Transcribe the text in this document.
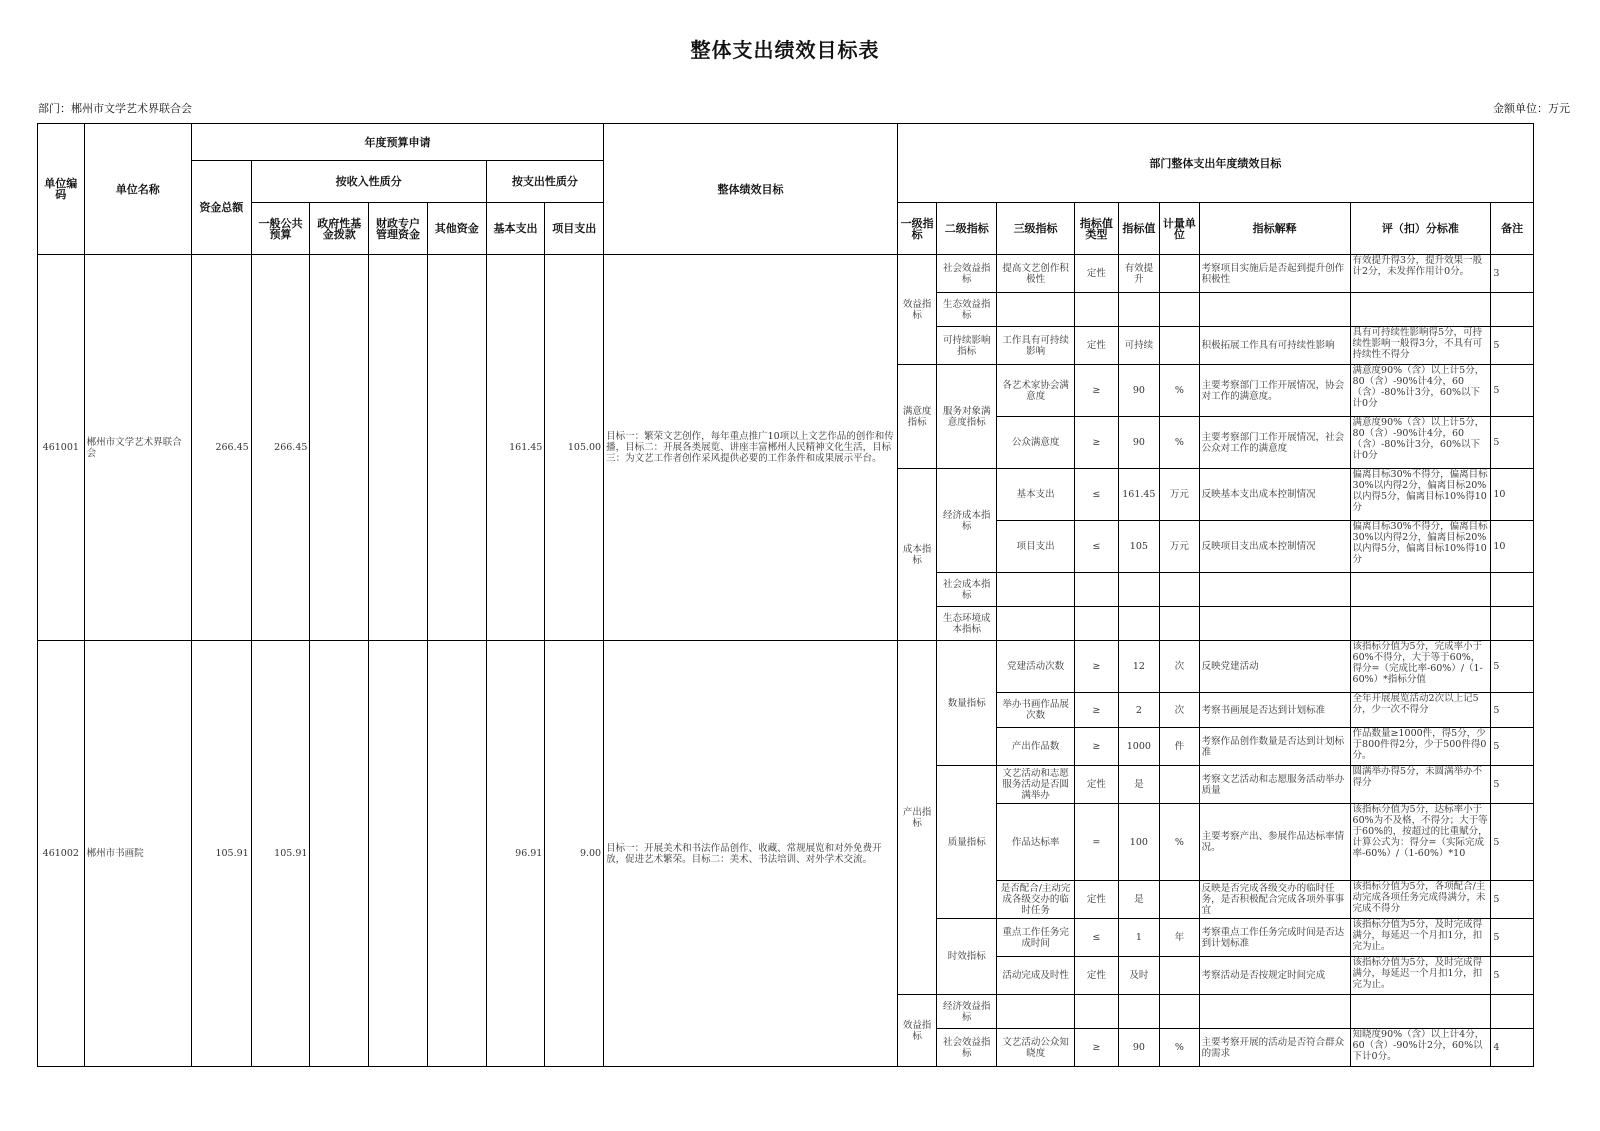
整体支出绩效目标表
部门：郴州市文学艺术界联合会	金额单位：万元
单位编码	单位名称	年度预算申请							整体绩效目标	部门整体支出年度绩效目标								
		资金总额	按收入性质分				按支出性质分											
			一般公共预算	政府性基金拨款	财政专户管理资金	其他资金	基本支出	项目支出		一级指标	二级指标	三级指标	指标值类型	指标值	计量单位	指标解释	评（扣）分标准	备注
461001	郴州市文学艺术界联合会	266.45	266.45				161.45	105.00	目标一：繁荣文艺创作，每年重点推广10项以上文艺作品的创作和传播，目标二：开展各类展览、讲座丰富郴州人民精神文化生活，目标三：为文艺工作者创作采风提供必要的工作条件和成果展示平台。	效益指标	社会效益指标	提高文艺创作积极性	定性	有效提升		考察项目实施后是否起到提升创作积极性	有效提升得3分，提升效果一般计2分，未发挥作用计0分。	3
											生态效益指标							
											可持续影响指标	工作具有可持续影响	定性	可持续		积极拓展工作具有可持续性影响	具有可持续性影响得5分，可持续性影响一般得3分，不具有可持续性不得分	5
										满意度指标	服务对象满意度指标	各艺术家协会满意度	≥	90	%	主要考察部门工作开展情况，协会对工作的满意度。	满意度90%（含）以上计5分，80（含）-90%计4分，60（含）-80%计3分，60%以下计0分	5
												公众满意度	≥	90	%	主要考察部门工作开展情况，社会公众对工作的满意度	满意度90%（含）以上计5分，80（含）-90%计4分，60（含）-80%计3分，60%以下计0分	5
										成本指标	经济成本指标	基本支出	≤	161.45	万元	反映基本支出成本控制情况	偏离目标30%不得分，偏离目标30%以内得2分，偏离目标20%以内得5分，偏离目标10%得10分	10
												项目支出	≤	105	万元	反映项目支出成本控制情况	偏离目标30%不得分，偏离目标30%以内得2分，偏离目标20%以内得5分，偏离目标10%得10分	10
											社会成本指标							
											生态环境成本指标							
461002	郴州市书画院	105.91	105.91				96.91	9.00	目标一：开展美术和书法作品创作、收藏、常规展览和对外免费开放，促进艺术繁荣。目标二：美术、书法培训、对外学术交流。	产出指标	数量指标	党建活动次数	≥	12	次	反映党建活动	该指标分值为5分，完成率小于60%不得分，大于等于60%，得分=（完成比率-60%）/（1-60%）*指标分值	5
												举办书画作品展次数	≥	2	次	考察书画展是否达到计划标准	全年开展展览活动2次以上记5分，少一次不得分	5
												产出作品数	≥	1000	件	考察作品创作数量是否达到计划标准	作品数量≥1000件，得5分，少于800件得2分，少于500件得0分。	5
											质量指标	文艺活动和志愿服务活动是否圆满举办	定性	是		考察文艺活动和志愿服务活动举办质量	圆满举办得5分，未圆满举办不得分	5
												作品达标率	=	100	%	主要考察产出、参展作品达标率情况。	该指标分值为5分，达标率小于60%为不及格，不得分；大于等于60%的，按超过的比重赋分，计算公式为：得分=（实际完成率-60%）/（1-60%）*10	5

												是否配合/主动完成各级交办的临时任务	定性	是		反映是否完成各级交办的临时任务，是否积极配合完成各项外事事宜	该指标分值为5分，各项配合/主动完成各项任务完成得满分，未完成不得分	5
											时效指标	重点工作任务完成时间	≤	1	年	考察重点工作任务完成时间是否达到计划标准	该指标分值为5分，及时完成得满分，每延迟一个月扣1分，扣完为止。	5
												活动完成及时性	定性	及时		考察活动是否按规定时间完成	该指标分值为5分，及时完成得满分，每延迟一个月扣1分，扣完为止。	5
										效益指标	经济效益指标							
											社会效益指标	文艺活动公众知晓度	≥	90	%	主要考察开展的活动是否符合群众的需求	知晓度90%（含）以上计4分，60（含）-90%计2分，60%以下计0分。	4
